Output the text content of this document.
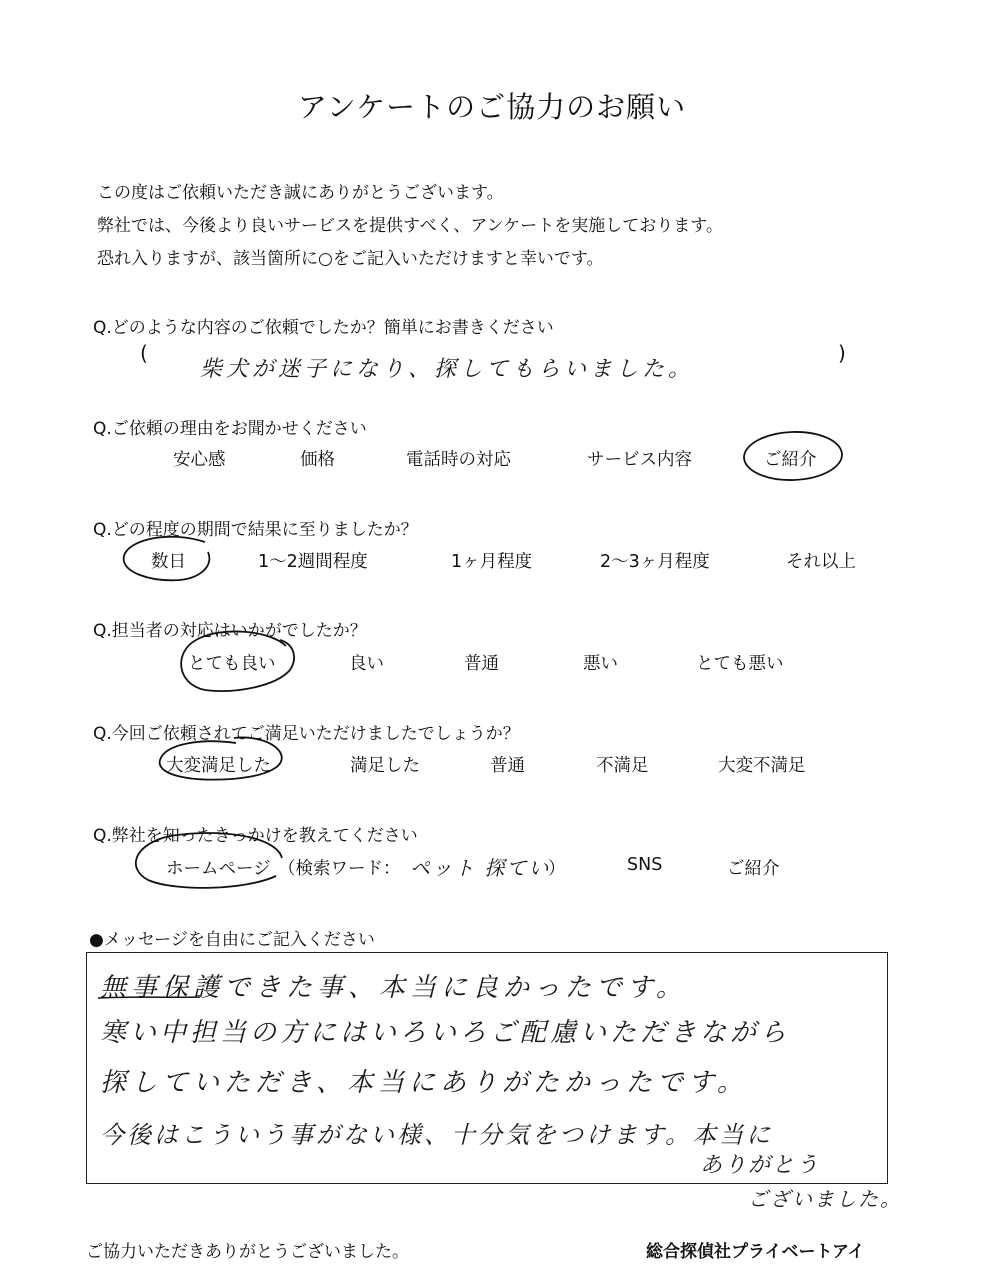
アンケートのご協力のお願い
この度はご依頼いただき誠にありがとうございます。
弊社では、今後より良いサービスを提供すべく、アンケートを実施しております。
恐れ入りますが、該当箇所に○をご記入いただけますと幸いです。
Q.どのような内容のご依頼でしたか？簡単にお書きください
(
柴犬が迷子になり、探してもらいました。
)
Q.ご依頼の理由をお聞かせください
安心感	価格	電話時の対応	サービス内容	ご紹介
Q.どの程度の期間で結果に至りましたか？
数日	1～2週間程度	1ヶ月程度	2～3ヶ月程度	それ以上
Q.担当者の対応はいかがでしたか？
とても良い	良い	普通	悪い	とても悪い
Q.今回ご依頼されてご満足いただけましたでしょうか？
大変満足した	満足した	普通	不満足	大変不満足
Q.弊社を知ったきっかけを教えてください
ホームページ （検索ワード： ペット 探てい
）	SNS	ご紹介
●メッセージを自由にご記入ください
無事保護できた事、本当に良かったです。
寒い中担当の方にはいろいろご配慮いただきながら
探していただき、本当にありがたかったです。
今後はこういう事がない様、十分気をつけます。本当に
ありがとう
ございました。
ご協力いただきありがとうございました。	総合探偵社プライベートアイ
